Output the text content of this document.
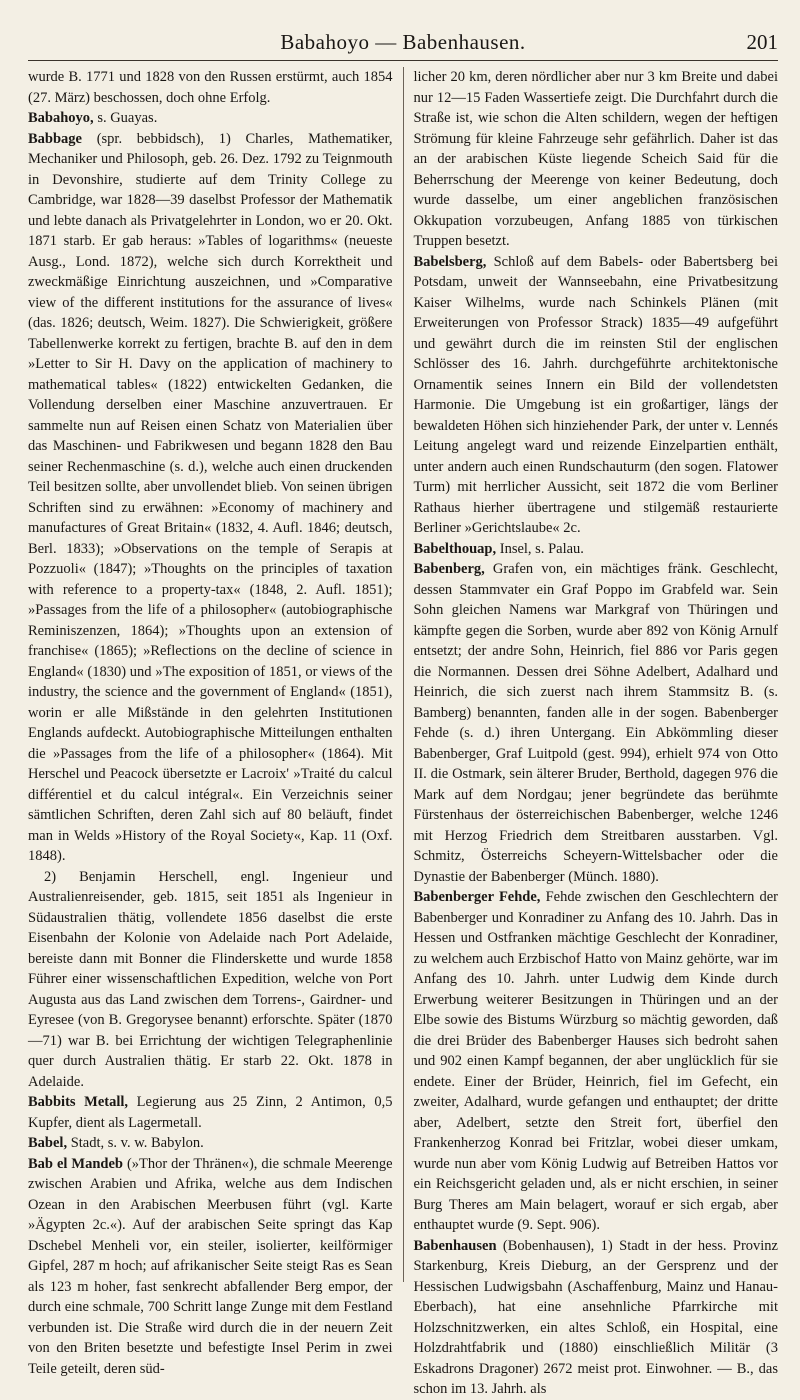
Babahoyo — Babenhausen.	201

wurde B. 1771 und 1828 von den Russen erstürmt, auch 1854 (27. März) beschossen, doch ohne Erfolg.

Babahoyo, s. Guayas.

Babbage (spr. bebbidsch), 1) Charles, Mathematiker, Mechaniker und Philosoph, geb. 26. Dez. 1792 zu Teignmouth in Devonshire, studierte auf dem Trinity College zu Cambridge, war 1828—39 daselbst Professor der Mathematik und lebte danach als Privatgelehrter in London, wo er 20. Okt. 1871 starb. Er gab heraus: »Tables of logarithms« (neueste Ausg., Lond. 1872), welche sich durch Korrektheit und zweckmäßige Einrichtung auszeichnen, und »Comparative view of the different institutions for the assurance of lives« (das. 1826; deutsch, Weim. 1827). Die Schwierigkeit, größere Tabellenwerke korrekt zu fertigen, brachte B. auf den in dem »Letter to Sir H. Davy on the application of machinery to mathematical tables« (1822) entwickelten Gedanken, die Vollendung derselben einer Maschine anzuvertrauen. Er sammelte nun auf Reisen einen Schatz von Materialien über das Maschinen- und Fabrikwesen und begann 1828 den Bau seiner Rechenmaschine (s. d.), welche auch einen druckenden Teil besitzen sollte, aber unvollendet blieb. Von seinen übrigen Schriften sind zu erwähnen: »Economy of machinery and manufactures of Great Britain« (1832, 4. Aufl. 1846; deutsch, Berl. 1833); »Observations on the temple of Serapis at Pozzuoli« (1847); »Thoughts on the principles of taxation with reference to a property-tax« (1848, 2. Aufl. 1851); »Passages from the life of a philosopher« (autobiographische Reminiszenzen, 1864); »Thoughts upon an extension of franchise« (1865); »Reflections on the decline of science in England« (1830) und »The exposition of 1851, or views of the industry, the science and the government of England« (1851), worin er alle Mißstände in den gelehrten Institutionen Englands aufdeckt. Autobiographische Mitteilungen enthalten die »Passages from the life of a philosopher« (1864). Mit Herschel und Peacock übersetzte er Lacroix' »Traité du calcul différentiel et du calcul intégral«. Ein Verzeichnis seiner sämtlichen Schriften, deren Zahl sich auf 80 beläuft, findet man in Welds »History of the Royal Society«, Kap. 11 (Oxf. 1848).

2) Benjamin Herschell, engl. Ingenieur und Australienreisender, geb. 1815, seit 1851 als Ingenieur in Südaustralien thätig, vollendete 1856 daselbst die erste Eisenbahn der Kolonie von Adelaide nach Port Adelaide, bereiste dann mit Bonner die Flinderskette und wurde 1858 Führer einer wissenschaftlichen Expedition, welche von Port Augusta aus das Land zwischen dem Torrens-, Gairdner- und Eyresee (von B. Gregorysee benannt) erforschte. Später (1870—71) war B. bei Errichtung der wichtigen Telegraphenlinie quer durch Australien thätig. Er starb 22. Okt. 1878 in Adelaide.

Babbits Metall, Legierung aus 25 Zinn, 2 Antimon, 0,5 Kupfer, dient als Lagermetall.

Babel, Stadt, s. v. w. Babylon.

Bab el Mandeb (»Thor der Thränen«), die schmale Meerenge zwischen Arabien und Afrika, welche aus dem Indischen Ozean in den Arabischen Meerbusen führt (vgl. Karte »Ägypten 2c.«). Auf der arabischen Seite springt das Kap Dschebel Menheli vor, ein steiler, isolierter, keilförmiger Gipfel, 287 m hoch; auf afrikanischer Seite steigt Ras es Sean als 123 m hoher, fast senkrecht abfallender Berg empor, der durch eine schmale, 700 Schritt lange Zunge mit dem Festland verbunden ist. Die Straße wird durch die in der neuern Zeit von den Briten besetzte und befestigte Insel Perim in zwei Teile geteilt, deren süd-

licher 20 km, deren nördlicher aber nur 3 km Breite und dabei nur 12—15 Faden Wassertiefe zeigt. Die Durchfahrt durch die Straße ist, wie schon die Alten schildern, wegen der heftigen Strömung für kleine Fahrzeuge sehr gefährlich. Daher ist das an der arabischen Küste liegende Scheich Said für die Beherrschung der Meerenge von keiner Bedeutung, doch wurde dasselbe, um einer angeblichen französischen Okkupation vorzubeugen, Anfang 1885 von türkischen Truppen besetzt.

Babelsberg, Schloß auf dem Babels- oder Babertsberg bei Potsdam, unweit der Wannseebahn, eine Privatbesitzung Kaiser Wilhelms, wurde nach Schinkels Plänen (mit Erweiterungen von Professor Strack) 1835—49 aufgeführt und gewährt durch die im reinsten Stil der englischen Schlösser des 16. Jahrh. durchgeführte architektonische Ornamentik seines Innern ein Bild der vollendetsten Harmonie. Die Umgebung ist ein großartiger, längs der bewaldeten Höhen sich hinziehender Park, der unter v. Lennés Leitung angelegt ward und reizende Einzelpartien enthält, unter andern auch einen Rundschauturm (den sogen. Flatower Turm) mit herrlicher Aussicht, seit 1872 die vom Berliner Rathaus hierher übertragene und stilgemäß restaurierte Berliner »Gerichtslaube« 2c.

Babelthouap, Insel, s. Palau.

Babenberg, Grafen von, ein mächtiges fränk. Geschlecht, dessen Stammvater ein Graf Poppo im Grabfeld war. Sein Sohn gleichen Namens war Markgraf von Thüringen und kämpfte gegen die Sorben, wurde aber 892 von König Arnulf entsetzt; der andre Sohn, Heinrich, fiel 886 vor Paris gegen die Normannen. Dessen drei Söhne Adelbert, Adalhard und Heinrich, die sich zuerst nach ihrem Stammsitz B. (s. Bamberg) benannten, fanden alle in der sogen. Babenberger Fehde (s. d.) ihren Untergang. Ein Abkömmling dieser Babenberger, Graf Luitpold (gest. 994), erhielt 974 von Otto II. die Ostmark, sein älterer Bruder, Berthold, dagegen 976 die Mark auf dem Nordgau; jener begründete das berühmte Fürstenhaus der österreichischen Babenberger, welche 1246 mit Herzog Friedrich dem Streitbaren ausstarben. Vgl. Schmitz, Österreichs Scheyern-Wittelsbacher oder die Dynastie der Babenberger (Münch. 1880).

Babenberger Fehde, Fehde zwischen den Geschlechtern der Babenberger und Konradiner zu Anfang des 10. Jahrh. Das in Hessen und Ostfranken mächtige Geschlecht der Konradiner, zu welchem auch Erzbischof Hatto von Mainz gehörte, war im Anfang des 10. Jahrh. unter Ludwig dem Kinde durch Erwerbung weiterer Besitzungen in Thüringen und an der Elbe sowie des Bistums Würzburg so mächtig geworden, daß die drei Brüder des Babenberger Hauses sich bedroht sahen und 902 einen Kampf begannen, der aber unglücklich für sie endete. Einer der Brüder, Heinrich, fiel im Gefecht, ein zweiter, Adalhard, wurde gefangen und enthauptet; der dritte aber, Adelbert, setzte den Streit fort, überfiel den Frankenherzog Konrad bei Fritzlar, wobei dieser umkam, wurde nun aber vom König Ludwig auf Betreiben Hattos vor ein Reichsgericht geladen und, als er nicht erschien, in seiner Burg Theres am Main belagert, worauf er sich ergab, aber enthauptet wurde (9. Sept. 906).

Babenhausen (Bobenhausen), 1) Stadt in der hess. Provinz Starkenburg, Kreis Dieburg, an der Gersprenz und der Hessischen Ludwigsbahn (Aschaffenburg, Mainz und Hanau-Eberbach), hat eine ansehnliche Pfarrkirche mit Holzschnitzwerken, ein altes Schloß, ein Hospital, eine Holzdrahtfabrik und (1880) einschließlich Militär (3 Eskadrons Dragoner) 2672 meist prot. Einwohner. — B., das schon im 13. Jahrh. als
